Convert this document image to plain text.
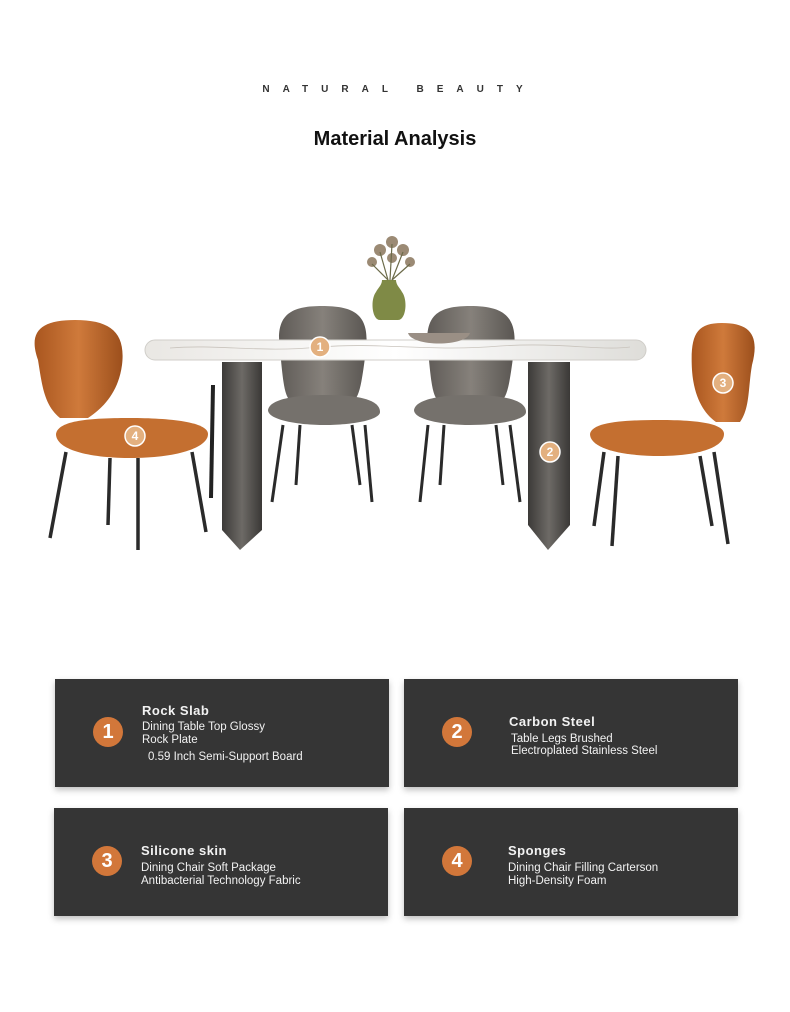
NATURAL BEAUTY
Material Analysis
1
2
3
4
1
Rock Slab
Dining Table Top Glossy
Rock Plate
0.59 Inch Semi-Support Board
2	Carbon Steel
Table Legs Brushed
Electroplated Stainless Steel
3	Silicone skin
Dining Chair Soft Package
Antibacterial Technology Fabric
4	Sponges
Dining Chair Filling Carterson
High-Density Foam
